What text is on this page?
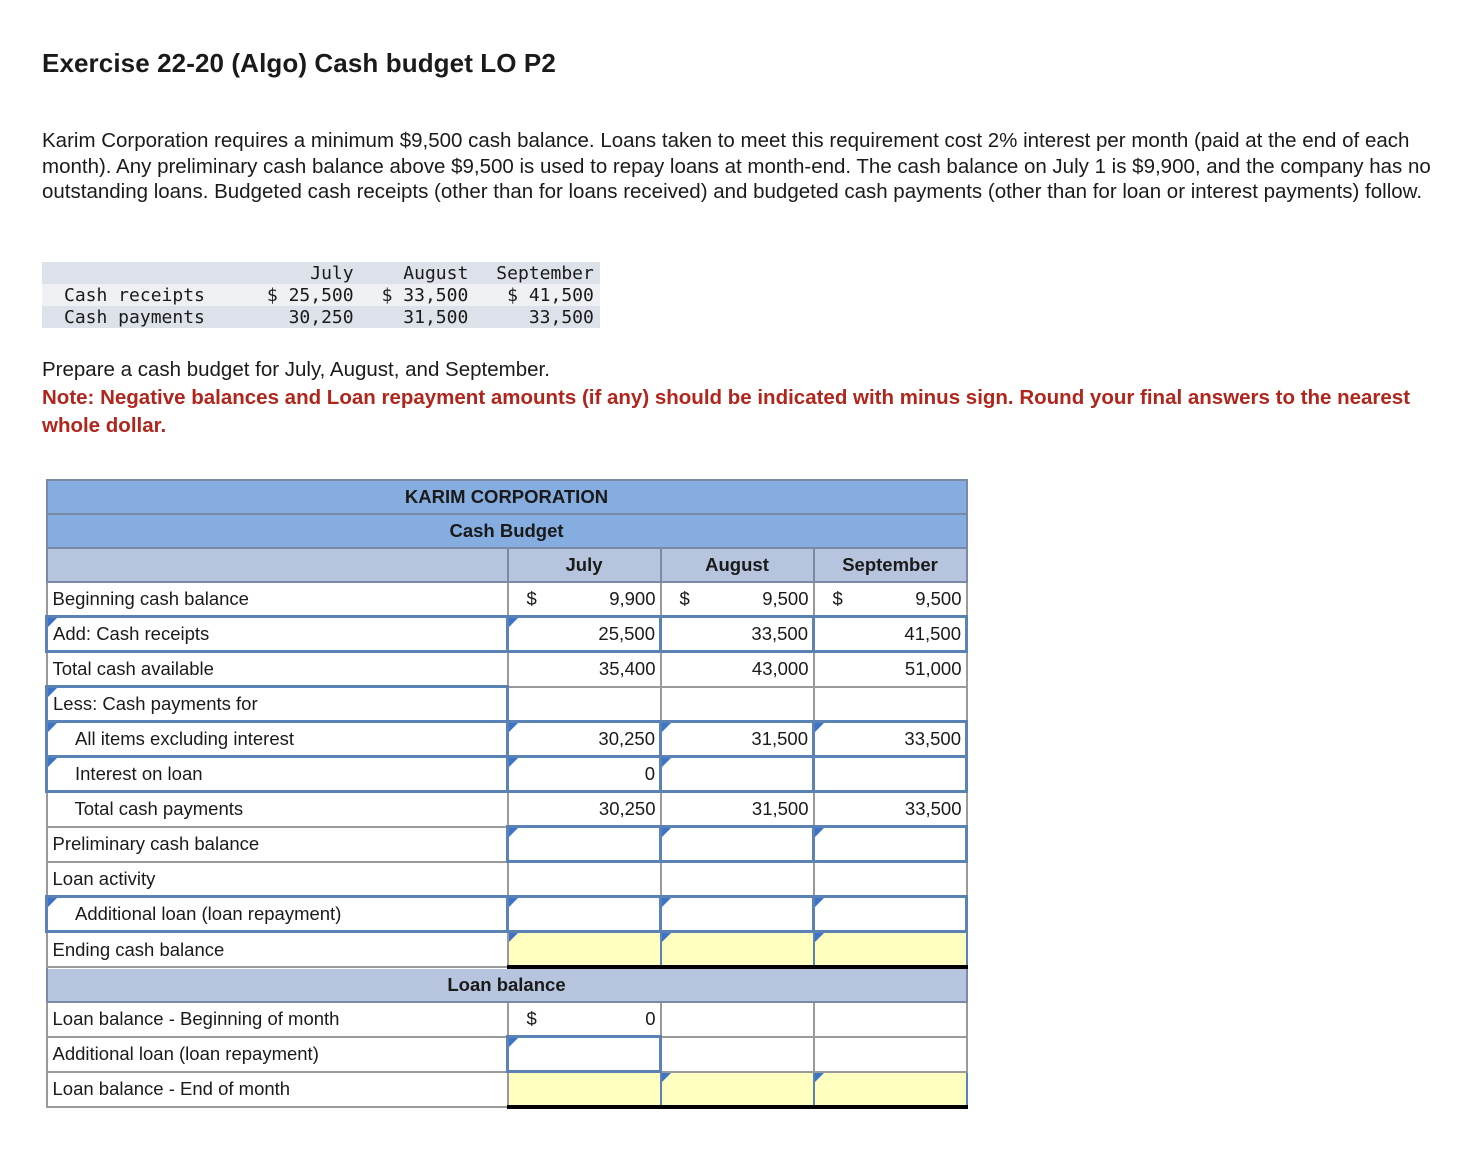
Exercise 22-20 (Algo) Cash budget LO P2
Karim Corporation requires a minimum $9,500 cash balance. Loans taken to meet this requirement cost 2% interest per month (paid at the end of each month). Any preliminary cash balance above $9,500 is used to repay loans at month-end. The cash balance on July 1 is $9,900, and the company has no outstanding loans. Budgeted cash receipts (other than for loans received) and budgeted cash payments (other than for loan or interest payments) follow.
	July	August	September
Cash receipts	$ 25,500	$ 33,500	$ 41,500
Cash payments	30,250	31,500	33,500
Prepare a cash budget for July, August, and September.
Note: Negative balances and Loan repayment amounts (if any) should be indicated with minus sign. Round your final answers to the nearest whole dollar.
KARIM CORPORATION			
Cash Budget			
	July	August	September
Beginning cash balance	$ 9,900	$ 9,500	$ 9,500
Add: Cash receipts	25,500	33,500	41,500
Total cash available	35,400	43,000	51,000
Less: Cash payments for			
All items excluding interest	30,250	31,500	33,500
Interest on loan	0		
Total cash payments	30,250	31,500	33,500
Preliminary cash balance			
Loan activity			
Additional loan (loan repayment)			
Ending cash balance			
Loan balance			
Loan balance - Beginning of month	$ 0		
Additional loan (loan repayment)			
Loan balance - End of month			
